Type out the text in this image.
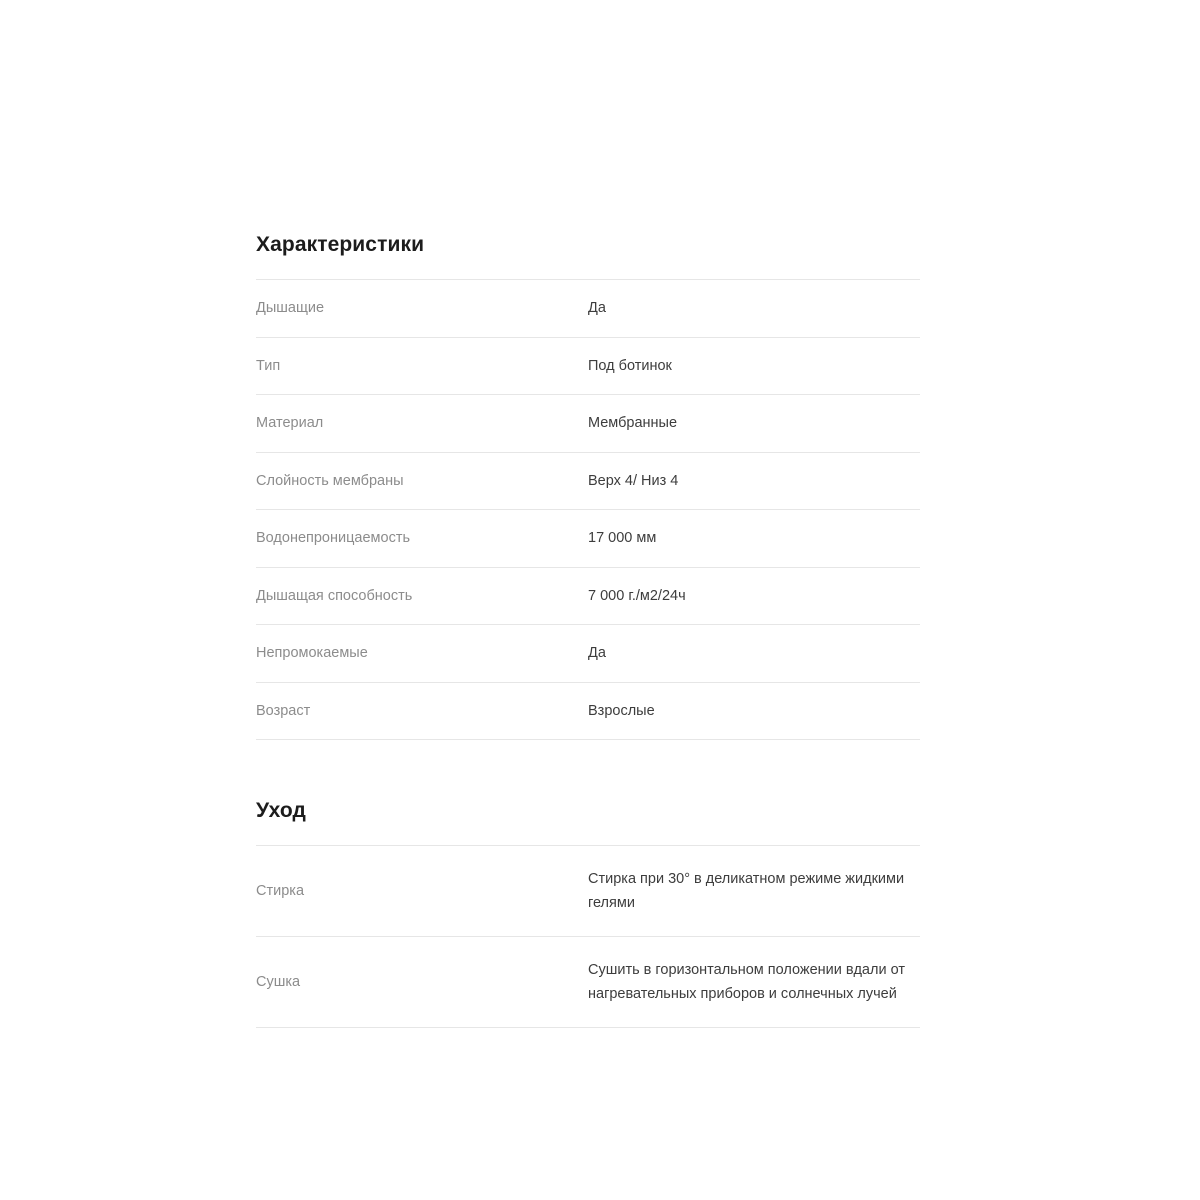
Характеристики
Дышащие	Да
Тип	Под ботинок
Материал	Мембранные
Слойность мембраны	Верх 4/ Низ 4
Водонепроницаемость	17 000 мм
Дышащая способность	7 000 г./м2/24ч
Непромокаемые	Да
Возраст	Взрослые
Уход
Стирка	Стирка при 30° в деликатном режиме жидкими гелями
Сушка	Сушить в горизонтальном положении вдали от нагревательных приборов и солнечных лучей
